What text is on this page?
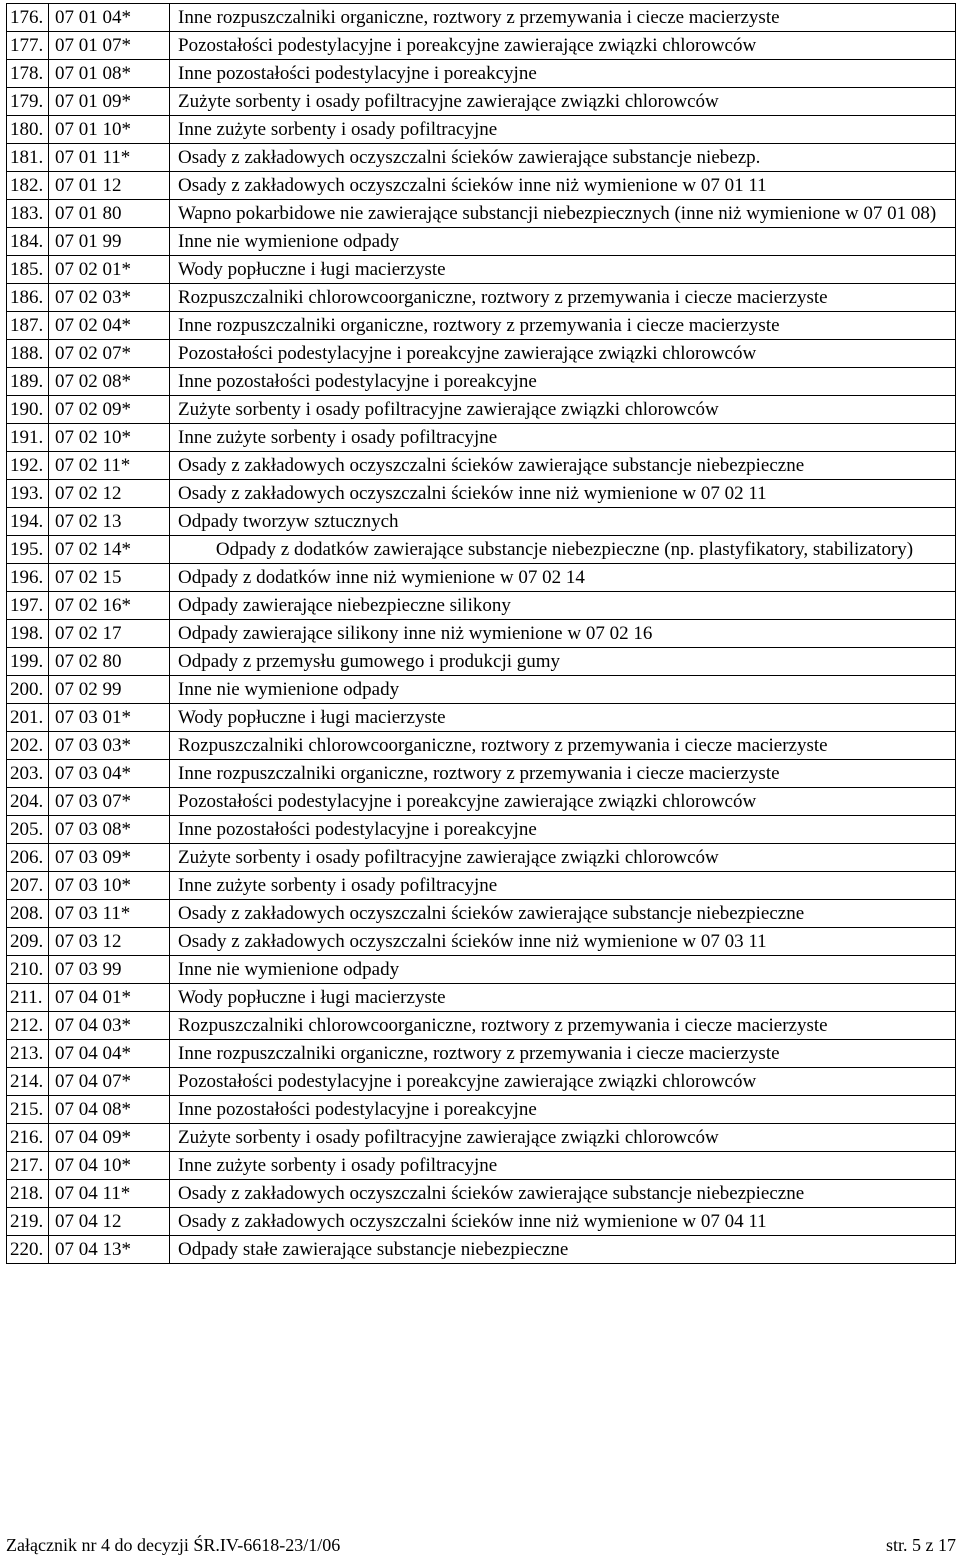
176.	07 01 04*	Inne rozpuszczalniki organiczne, roztwory z przemywania i ciecze macierzyste
177.	07 01 07*	Pozostałości podestylacyjne i poreakcyjne zawierające związki chlorowców
178.	07 01 08*	Inne pozostałości podestylacyjne i poreakcyjne
179.	07 01 09*	Zużyte sorbenty i osady pofiltracyjne zawierające związki chlorowców
180.	07 01 10*	Inne zużyte sorbenty i osady pofiltracyjne
181.	07 01 11*	Osady z zakładowych oczyszczalni ścieków zawierające substancje niebezp.
182.	07 01 12	Osady z zakładowych oczyszczalni ścieków inne niż wymienione w 07 01 11
183.	07 01 80	Wapno pokarbidowe nie zawierające substancji niebezpiecznych (inne niż wymienione w 07 01 08)
184.	07 01 99	Inne nie wymienione odpady
185.	07 02 01*	Wody popłuczne i ługi macierzyste
186.	07 02 03*	Rozpuszczalniki chlorowcoorganiczne, roztwory z przemywania i ciecze macierzyste
187.	07 02 04*	Inne rozpuszczalniki organiczne, roztwory z przemywania i ciecze macierzyste
188.	07 02 07*	Pozostałości podestylacyjne i poreakcyjne zawierające związki chlorowców
189.	07 02 08*	Inne pozostałości podestylacyjne i poreakcyjne
190.	07 02 09*	Zużyte sorbenty i osady pofiltracyjne zawierające związki chlorowców
191.	07 02 10*	Inne zużyte sorbenty i osady pofiltracyjne
192.	07 02 11*	Osady z zakładowych oczyszczalni ścieków zawierające substancje niebezpieczne
193.	07 02 12	Osady z zakładowych oczyszczalni ścieków inne niż wymienione w 07 02 11
194.	07 02 13	Odpady tworzyw sztucznych
195.	07 02 14*	Odpady z dodatków zawierające substancje niebezpieczne (np. plastyfikatory, stabilizatory)
196.	07 02 15	Odpady z dodatków inne niż wymienione w 07 02 14
197.	07 02 16*	Odpady zawierające niebezpieczne silikony
198.	07 02 17	Odpady zawierające silikony inne niż wymienione w 07 02 16
199.	07 02 80	Odpady z przemysłu gumowego i produkcji gumy
200.	07 02 99	Inne nie wymienione odpady
201.	07 03 01*	Wody popłuczne i ługi macierzyste
202.	07 03 03*	Rozpuszczalniki chlorowcoorganiczne, roztwory z przemywania i ciecze macierzyste
203.	07 03 04*	Inne rozpuszczalniki organiczne, roztwory z przemywania i ciecze macierzyste
204.	07 03 07*	Pozostałości podestylacyjne i poreakcyjne zawierające związki chlorowców
205.	07 03 08*	Inne pozostałości podestylacyjne i poreakcyjne
206.	07 03 09*	Zużyte sorbenty i osady pofiltracyjne zawierające związki chlorowców
207.	07 03 10*	Inne zużyte sorbenty i osady pofiltracyjne
208.	07 03 11*	Osady z zakładowych oczyszczalni ścieków zawierające substancje niebezpieczne
209.	07 03 12	Osady z zakładowych oczyszczalni ścieków inne niż wymienione w 07 03 11
210.	07 03 99	Inne nie wymienione odpady
211.	07 04 01*	Wody popłuczne i ługi macierzyste
212.	07 04 03*	Rozpuszczalniki chlorowcoorganiczne, roztwory z przemywania i ciecze macierzyste
213.	07 04 04*	Inne rozpuszczalniki organiczne, roztwory z przemywania i ciecze macierzyste
214.	07 04 07*	Pozostałości podestylacyjne i poreakcyjne zawierające związki chlorowców
215.	07 04 08*	Inne pozostałości podestylacyjne i poreakcyjne
216.	07 04 09*	Zużyte sorbenty i osady pofiltracyjne zawierające związki chlorowców
217.	07 04 10*	Inne zużyte sorbenty i osady pofiltracyjne
218.	07 04 11*	Osady z zakładowych oczyszczalni ścieków zawierające substancje niebezpieczne
219.	07 04 12	Osady z zakładowych oczyszczalni ścieków inne niż wymienione w 07 04 11
220.	07 04 13*	Odpady stałe zawierające substancje niebezpieczne
Załącznik nr 4 do decyzji ŚR.IV-6618-23/1/06	str. 5 z 17
